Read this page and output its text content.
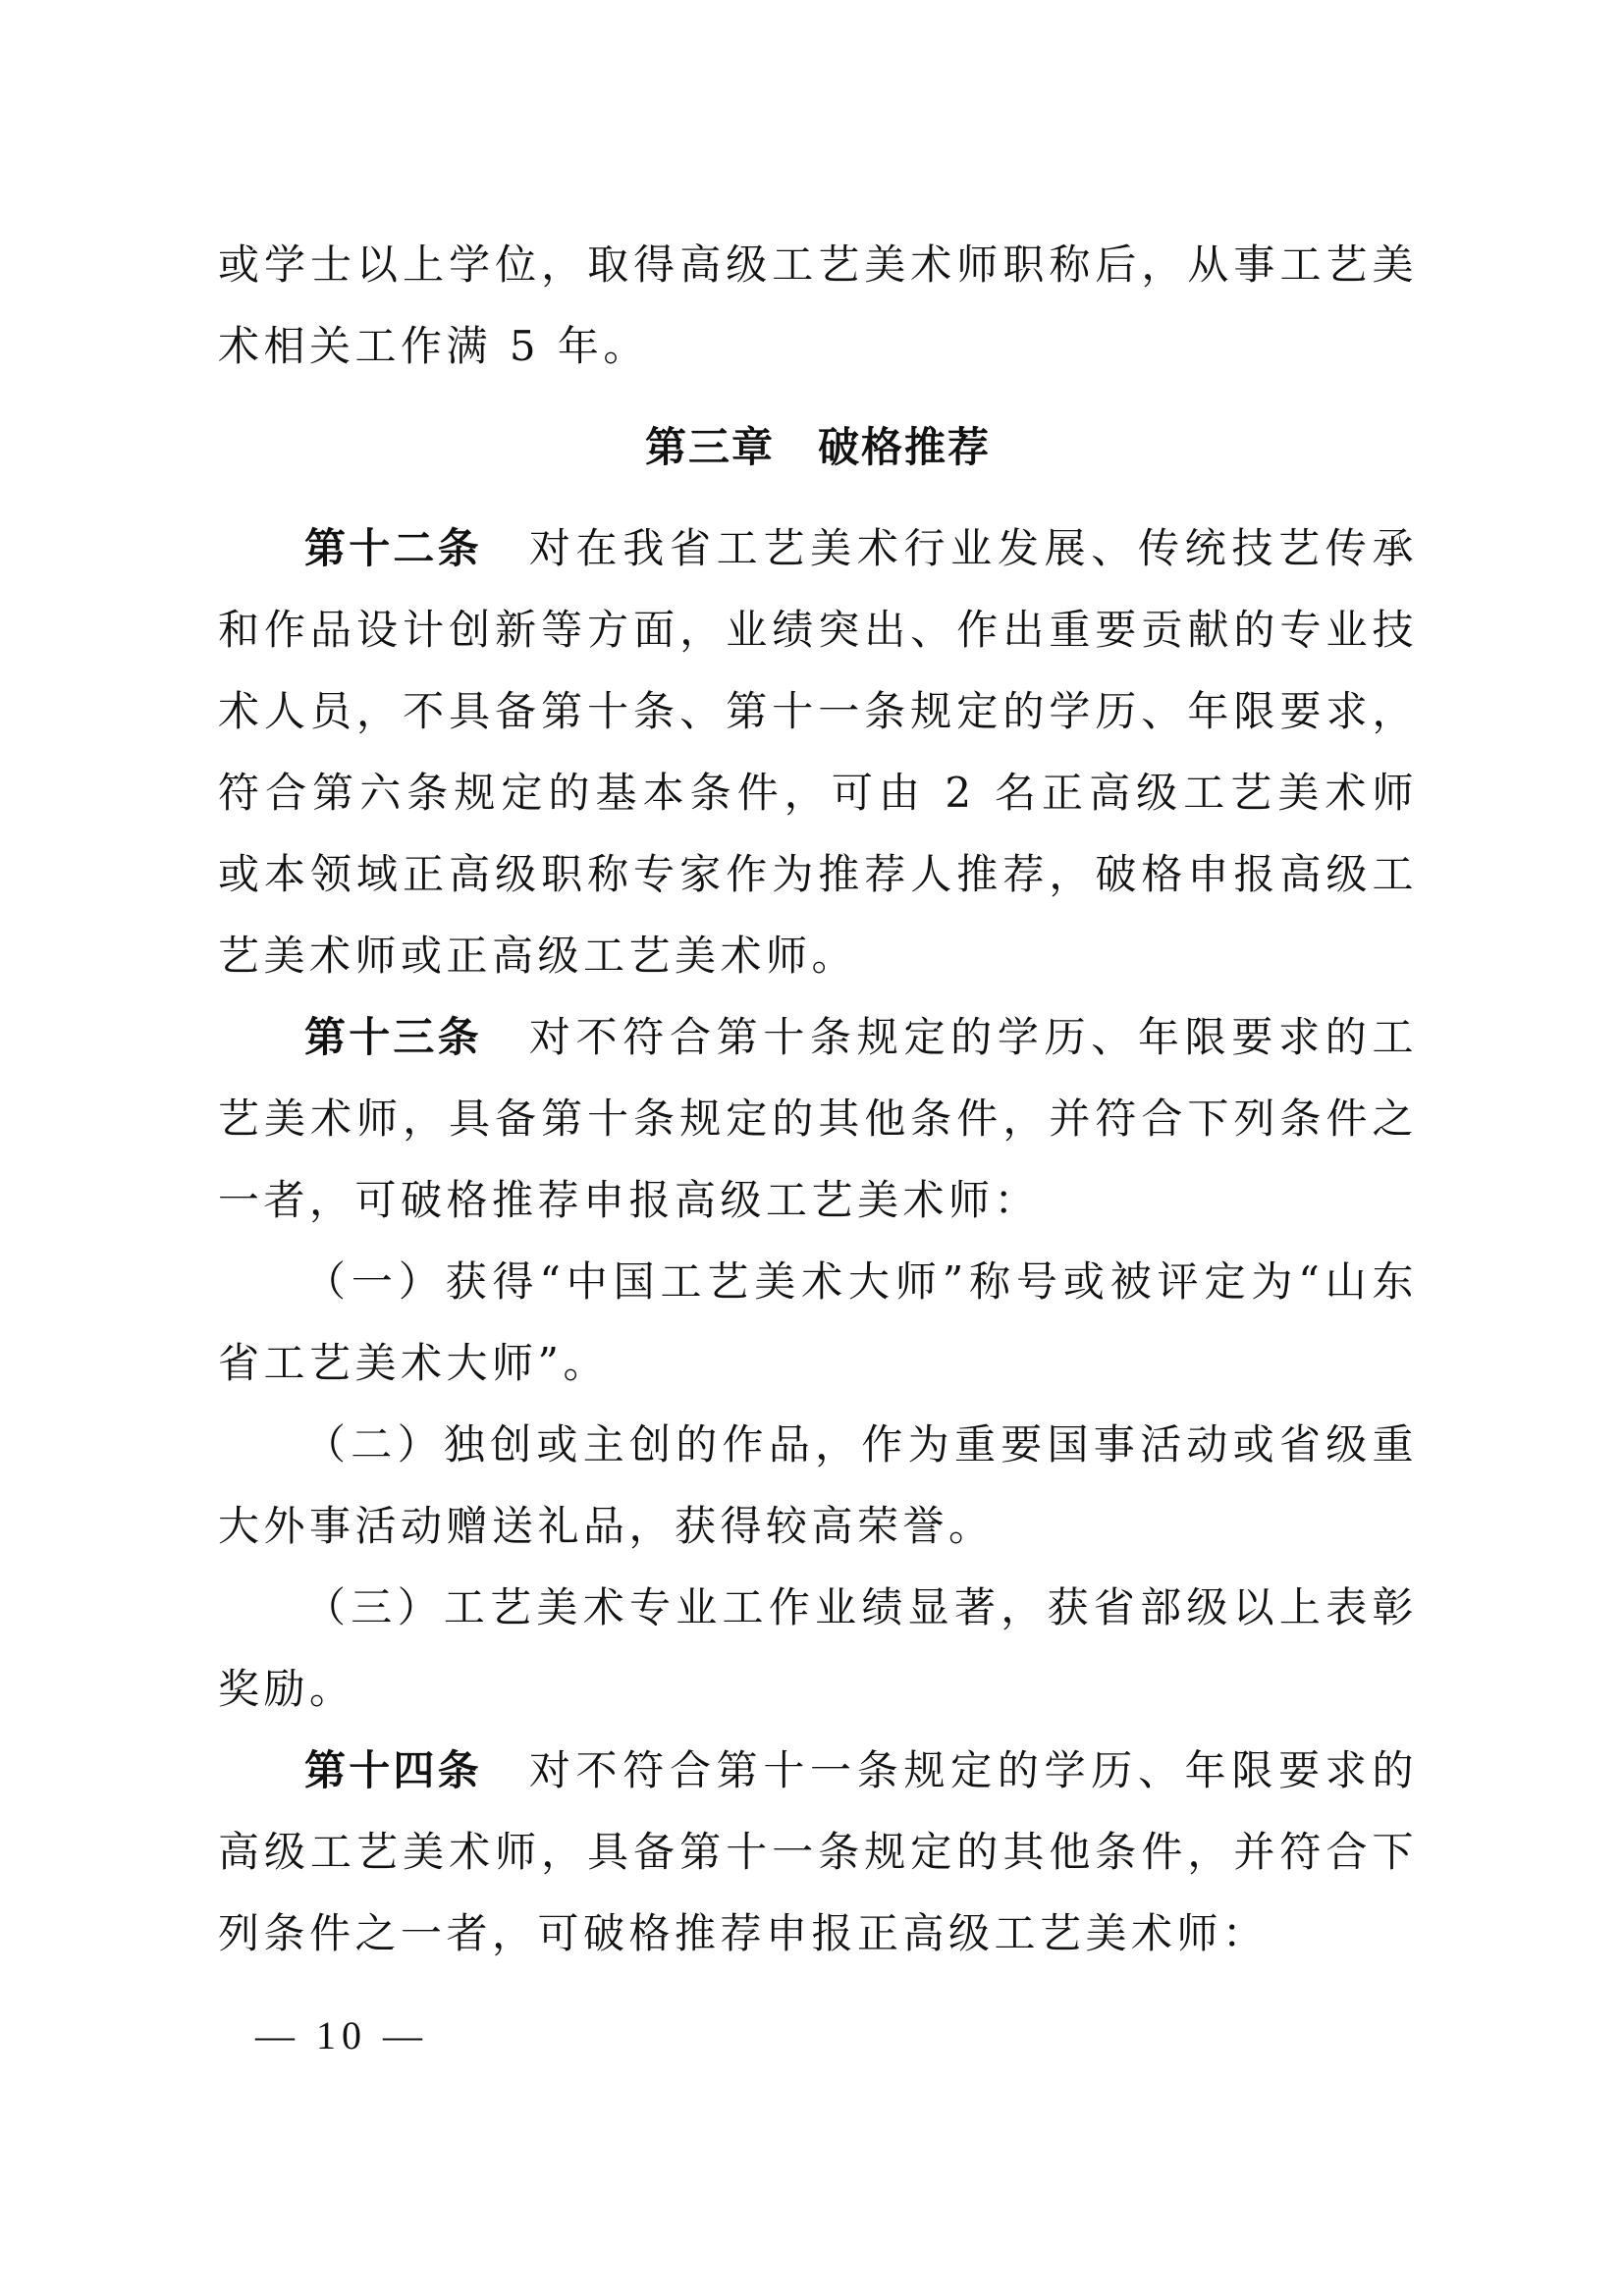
或学士以上学位，取得高级工艺美术师职称后，从事工艺美术相关工作满 5 年。

第三章 破格推荐

第十二条 对在我省工艺美术行业发展、传统技艺传承和作品设计创新等方面，业绩突出、作出重要贡献的专业技术人员，不具备第十条、第十一条规定的学历、年限要求，符合第六条规定的基本条件，可由 2 名正高级工艺美术师或本领域正高级职称专家作为推荐人推荐，破格申报高级工艺美术师或正高级工艺美术师。

第十三条 对不符合第十条规定的学历、年限要求的工艺美术师，具备第十条规定的其他条件，并符合下列条件之一者，可破格推荐申报高级工艺美术师：

（一）获得“中国工艺美术大师”称号或被评定为“山东省工艺美术大师”。

（二）独创或主创的作品，作为重要国事活动或省级重大外事活动赠送礼品，获得较高荣誉。

（三）工艺美术专业工作业绩显著，获省部级以上表彰奖励。

第十四条 对不符合第十一条规定的学历、年限要求的高级工艺美术师，具备第十一条规定的其他条件，并符合下列条件之一者，可破格推荐申报正高级工艺美术师：

— 10 —
